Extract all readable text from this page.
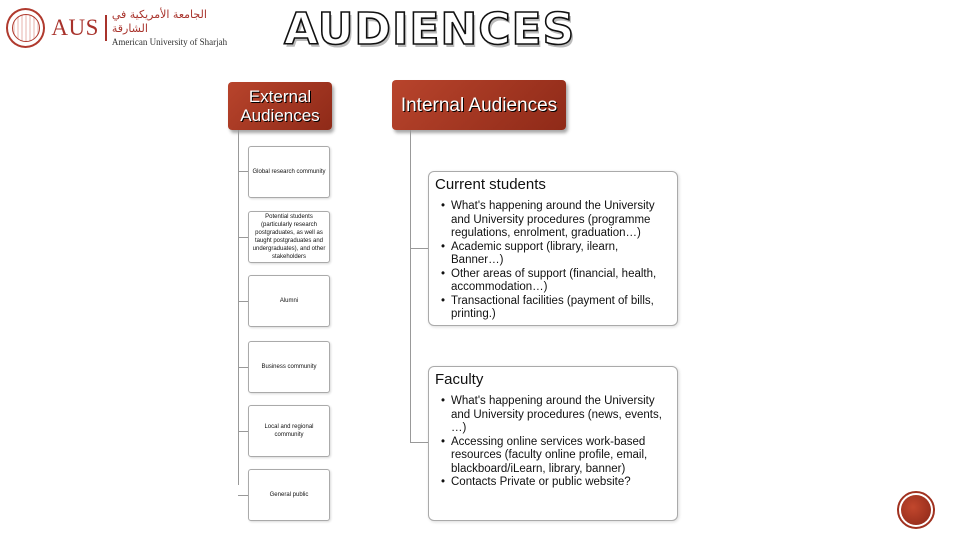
AUS
الجامعة الأمريكية في الشارقة
American University of Sharjah	AUDIENCES
External Audiences	Internal Audiences
Global research community
Potential students (particularly research postgraduates, as well as taught postgraduates and undergraduates), and other stakeholders
Alumni
Business community
Local and regional community
General public
Current students
• What's happening around the University and University procedures (programme regulations, enrolment, graduation…)
• Academic support (library, ilearn, Banner…)
• Other areas of support (financial, health, accommodation…)
• Transactional facilities (payment of bills, printing.)
Faculty
• What's happening around the University and University procedures (news, events, …)
• Accessing online services work-based resources (faculty online profile, email, blackboard/iLearn, library, banner)
• Contacts Private or public website?
